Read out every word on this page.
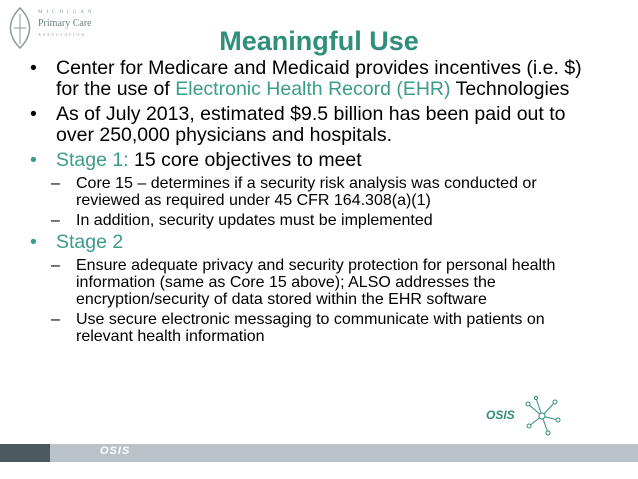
MICHIGAN
Primary Care
ASSOCIATION	Meaningful Use
• Center for Medicare and Medicaid provides incentives (i.e. $) for the use of Electronic Health Record (EHR) Technologies
• As of July 2013, estimated $9.5 billion has been paid out to over 250,000 physicians and hospitals.
• Stage 1: 15 core objectives to meet
– Core 15 – determines if a security risk analysis was conducted or reviewed as required under 45 CFR 164.308(a)(1)
– In addition, security updates must be implemented
• Stage 2
– Ensure adequate privacy and security protection for personal health information (same as Core 15 above); ALSO addresses the encryption/security of data stored within the EHR software
– Use secure electronic messaging to communicate with patients on relevant health information
OSIS
OSIS
